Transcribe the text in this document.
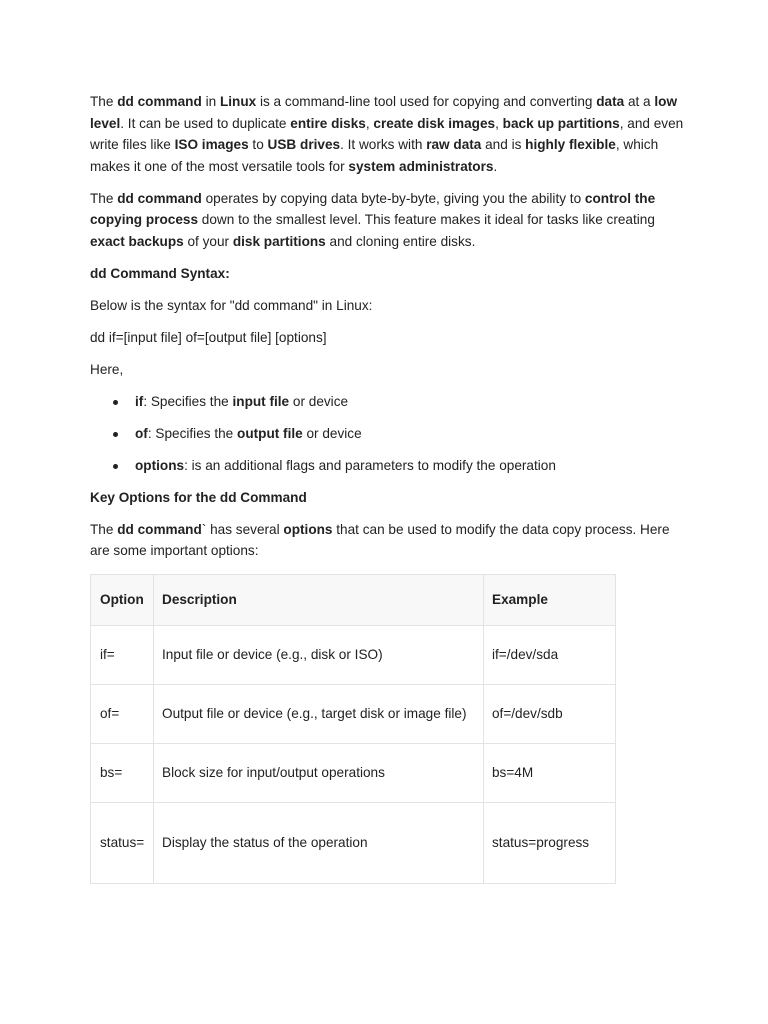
The dd command in Linux is a command-line tool used for copying and converting data at a low level. It can be used to duplicate entire disks, create disk images, back up partitions, and even write files like ISO images to USB drives. It works with raw data and is highly flexible, which makes it one of the most versatile tools for system administrators.

The dd command operates by copying data byte-by-byte, giving you the ability to control the copying process down to the smallest level. This feature makes it ideal for tasks like creating exact backups of your disk partitions and cloning entire disks.

dd Command Syntax:

Below is the syntax for "dd command" in Linux:

dd if=[input file] of=[output file] [options]

Here,

if: Specifies the input file or device
of: Specifies the output file or device
options: is an additional flags and parameters to modify the operation
Key Options for the dd Command

The dd command` has several options that can be used to modify the data copy process. Here are some important options:

Option	Description	Example
if=	Input file or device (e.g., disk or ISO)	if=/dev/sda
of=	Output file or device (e.g., target disk or image file)	of=/dev/sdb
bs=	Block size for input/output operations	bs=4M
status=	Display the status of the operation	status=progress
